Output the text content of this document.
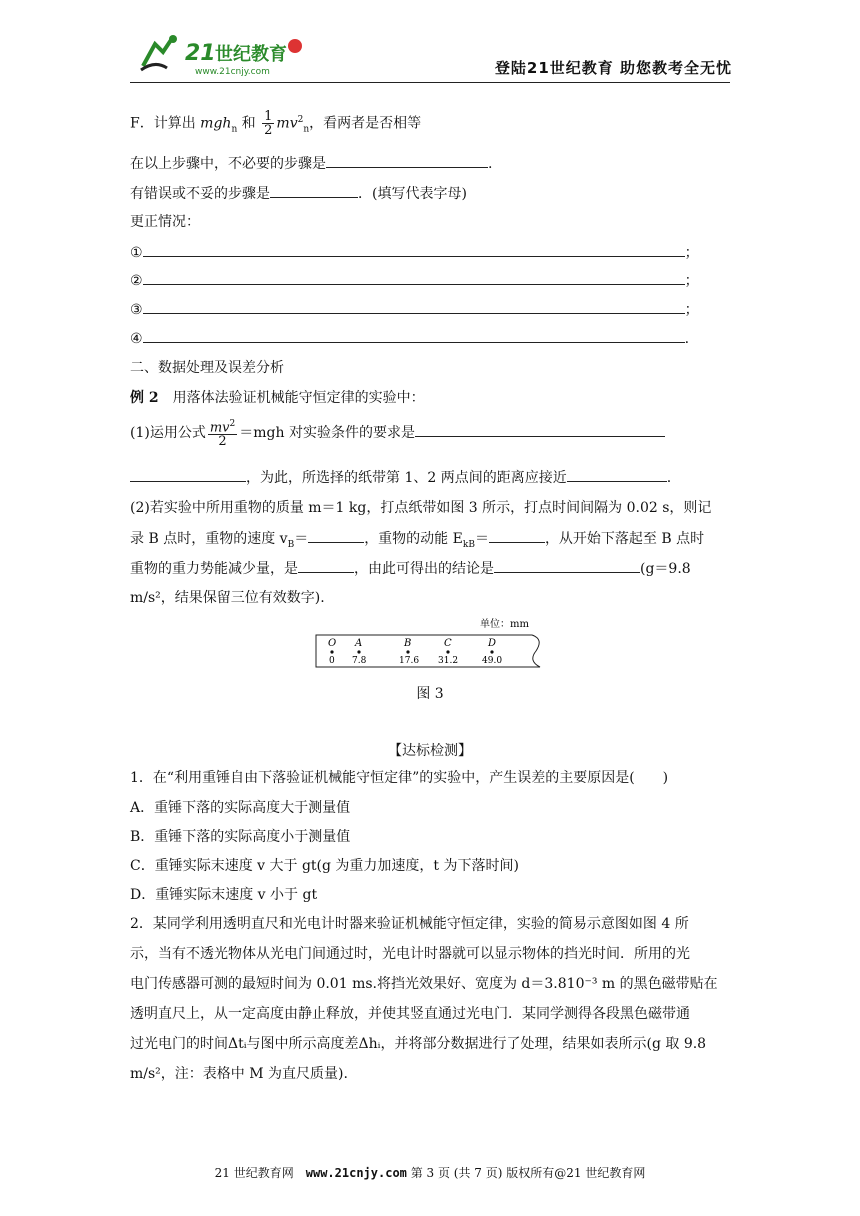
21 世纪教育
www.21cnjy.com	登陆21世纪教育 助您教考全无忧
F．计算出 mgh$_n$ 和 $\frac{1}{2} mv^2_n$，看两者是否相等
在以上步骤中，不必要的步骤是	.
有错误或不妥的步骤是	．(填写代表字母)
更正情况：
①	；
②	；
③	；
④	.
二、数据处理及误差分析
例 2　用落体法验证机械能守恒定律的实验中：
(1)运用公式 $\frac{mv^2}{2} =mgh$ 对实验条件的要求是
，为此，所选择的纸带第 1、2 两点间的距离应接近	.
(2)若实验中所用重物的质量 m＝1 kg，打点纸带如图 3 所示，打点时间间隔为 0.02 s，则记
录 B 点时，重物的速度 $v_B=$	，重物的动能 $E_{kB}=$	，从开始下落起至 B 点时
重物的重力势能减少量，是	，由此可得出的结论是	(g＝9.8
m/s²，结果保留三位有效数字).
单位：mm
O
0
A
7.8
B
17.6
C
31.2
D
49.0
图 3
【达标检测】
1．在“利用重锤自由下落验证机械能守恒定律”的实验中，产生误差的主要原因是(　　)
A．重锤下落的实际高度大于测量值
B．重锤下落的实际高度小于测量值
C．重锤实际末速度 v 大于 gt(g 为重力加速度，t 为下落时间)
D．重锤实际末速度 v 小于 gt
2．某同学利用透明直尺和光电计时器来验证机械能守恒定律，实验的简易示意图如图 4 所
示，当有不透光物体从光电门间通过时，光电计时器就可以显示物体的挡光时间．所用的光
电门传感器可测的最短时间为 0.01 ms.将挡光效果好、宽度为 d＝3.810⁻³ m 的黑色磁带贴在
透明直尺上，从一定高度由静止释放，并使其竖直通过光电门．某同学测得各段黑色磁带通
过光电门的时间Δtᵢ与图中所示高度差Δhᵢ，并将部分数据进行了处理，结果如表所示(g 取 9.8
m/s²，注：表格中 M 为直尺质量).
21 世纪教育网　www.21cnjy.com 第 3 页 (共 7 页) 版权所有@21 世纪教育网
